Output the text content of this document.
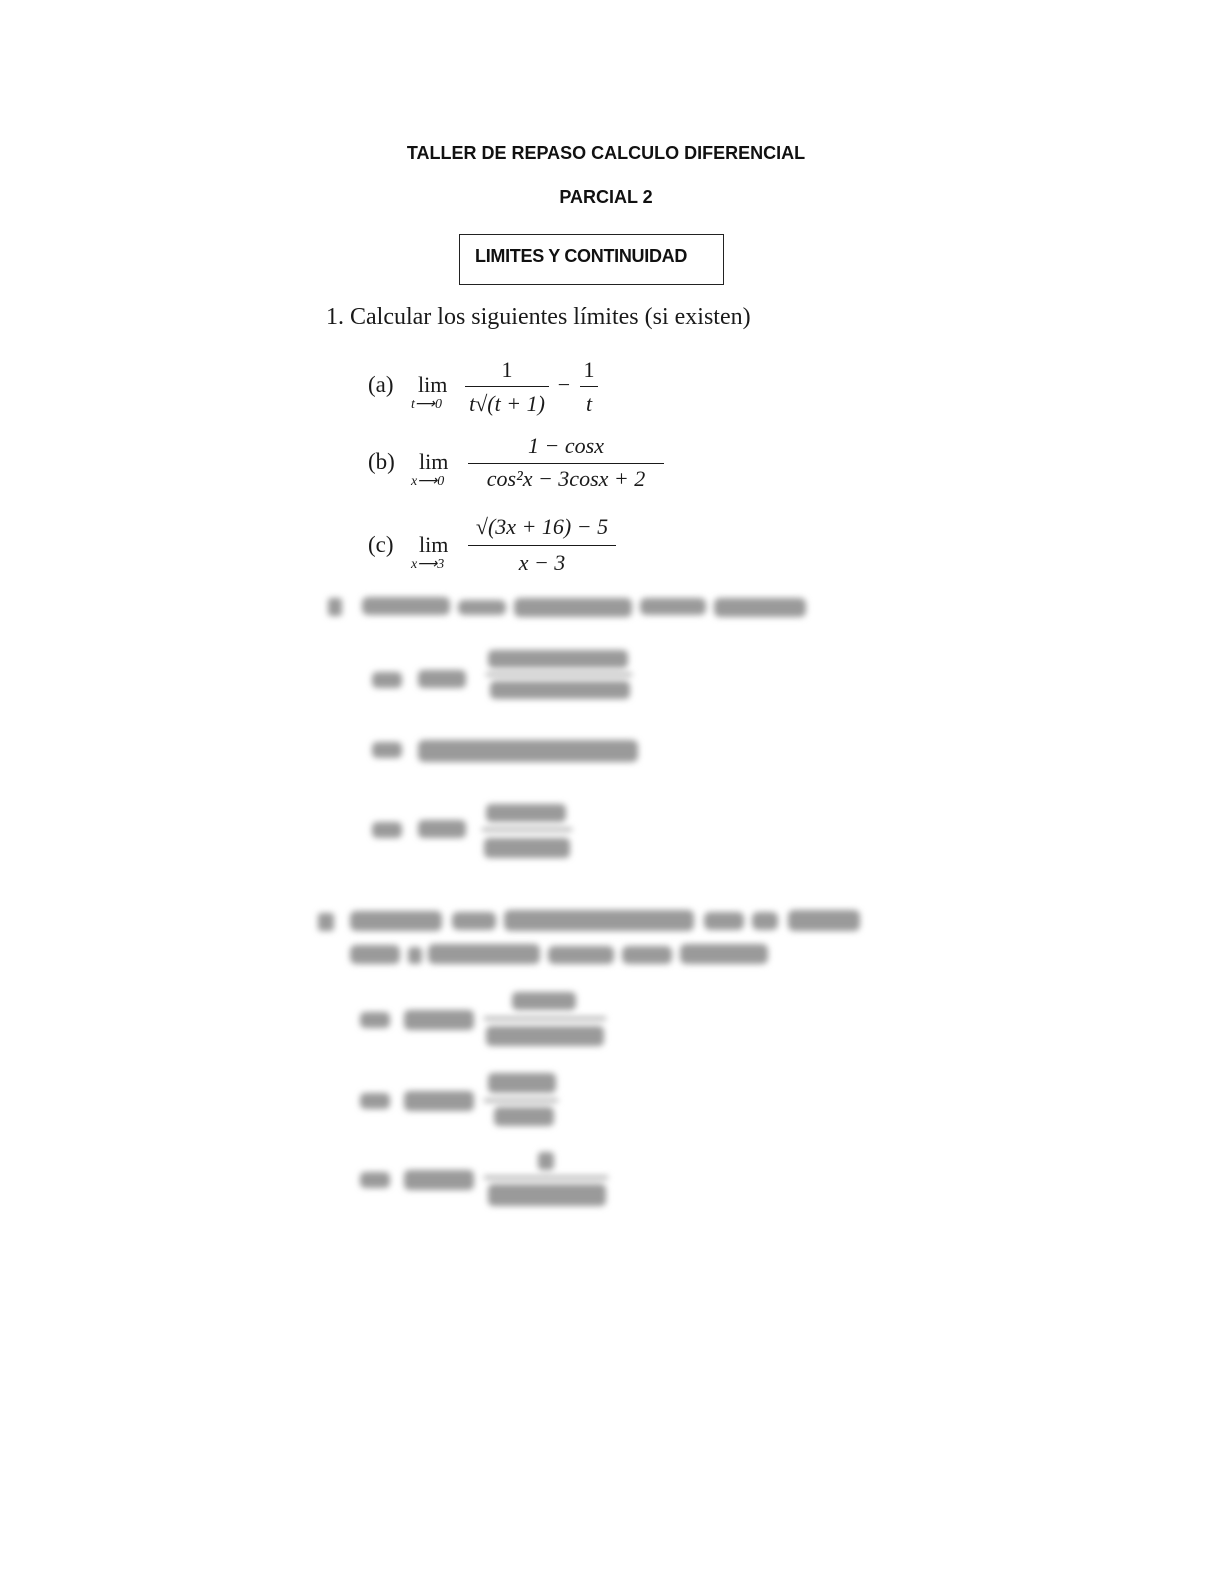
TALLER DE REPASO CALCULO DIFERENCIAL
PARCIAL 2
LIMITES Y CONTINUIDAD
1. Calcular los siguientes límites (si existen)
(a) lim
t⟶0
1
t√(t + 1)
−
1
t
(b) lim
x⟶0
1 − cosx
cos²x − 3cosx + 2
(c) lim
x⟶3
√(3x + 16) − 5
x − 3
